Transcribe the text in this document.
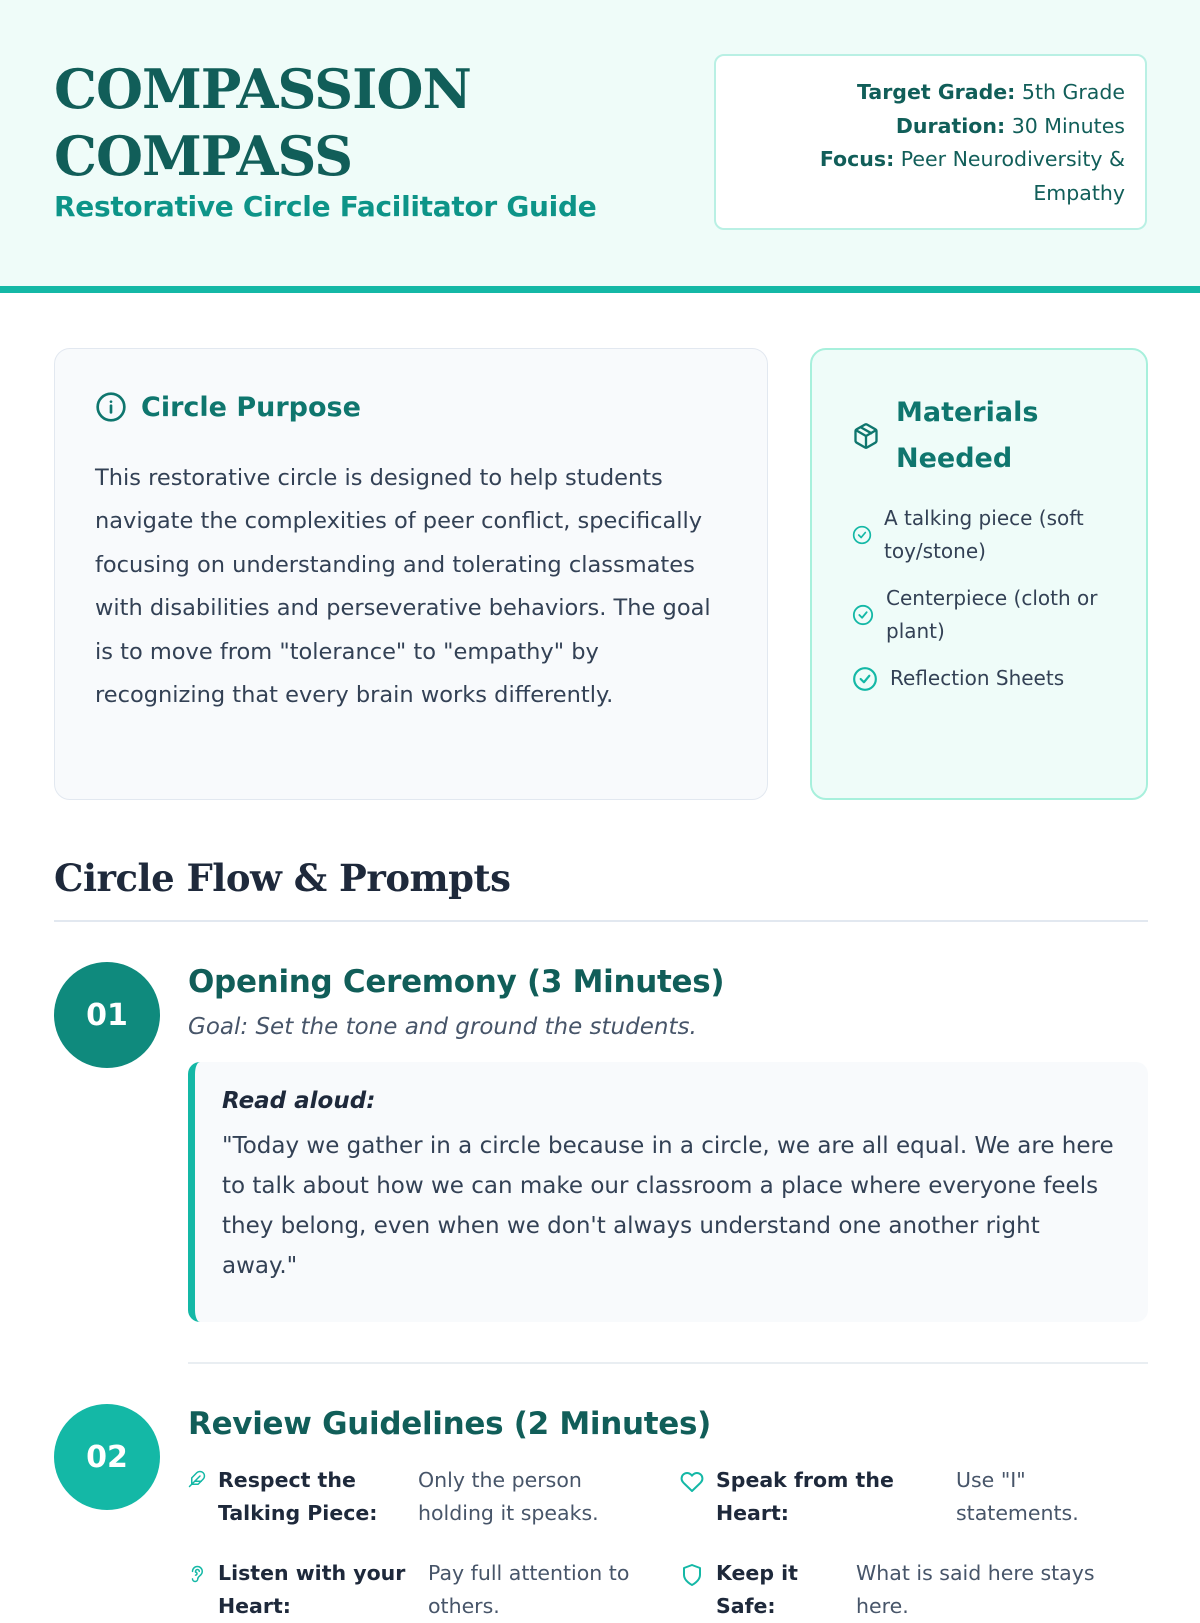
COMPASSION
COMPASS
Restorative Circle Facilitator Guide
Target Grade: 5th Grade
Duration: 30 Minutes
Focus: Peer Neurodiversity &
Empathy
Circle Purpose

This restorative circle is designed to help students navigate the complexities of peer conflict, specifically focusing on understanding and tolerating classmates with disabilities and perseverative behaviors. The goal is to move from "tolerance" to "empathy" by recognizing that every brain works differently.

Materials Needed
A talking piece (soft toy/stone)
Centerpiece (cloth or plant)
Reflection Sheets
Circle Flow & Prompts
01
Opening Ceremony (3 Minutes)

Goal: Set the tone and ground the students.

Read aloud:

"Today we gather in a circle because in a circle, we are all equal. We are here to talk about how we can make our classroom a place where everyone feels they belong, even when we don't always understand one another right away."

02
Review Guidelines (2 Minutes)
Respect the Talking Piece:
Only the person holding it speaks.
Speak from the Heart:
Use "I" statements.
Listen with your Heart:
Pay full attention to others.
Keep it Safe:
What is said here stays here.
